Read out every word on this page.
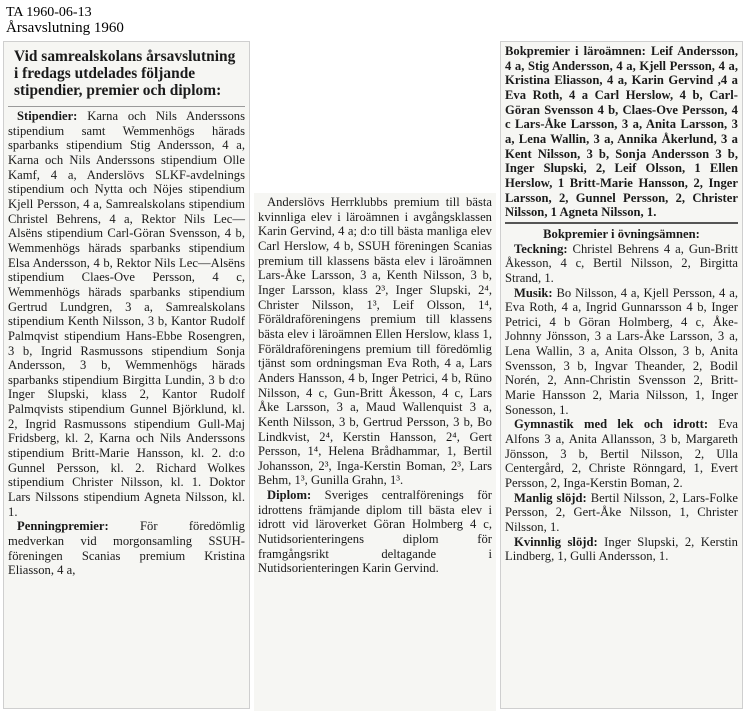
TA 1960-06-13
Årsavslutning 1960
Vid samrealskolans årsavslutning i fredags utdelades följande stipendier, premier och diplom:

Stipendier: Karna och Nils Anderssons stipendium samt Wemmenhögs härads sparbanks stipendium Stig Andersson, 4 a, Karna och Nils Anderssons stipendium Olle Kamf, 4 a, Anderslövs SLKF-avdelnings stipendium och Nytta och Nöjes stipendium Kjell Persson, 4 a, Samrealskolans stipendium Christel Behrens, 4 a, Rektor Nils Lec—Alsëns stipendium Carl-Göran Svensson, 4 b, Wemmenhögs härads sparbanks stipendium Elsa Andersson, 4 b, Rektor Nils Lec—Alsëns stipendium Claes-Ove Persson, 4 c, Wemmenhögs härads sparbanks stipendium Gertrud Lundgren, 3 a, Samrealskolans stipendium Kenth Nilsson, 3 b, Kantor Rudolf Palmqvist stipendium Hans-Ebbe Rosengren, 3 b, Ingrid Rasmussons stipendium Sonja Andersson, 3 b, Wemmenhögs härads sparbanks stipendium Birgitta Lundin, 3 b d:o Inger Slupski, klass 2, Kantor Rudolf Palmqvists stipendium Gunnel Björklund, kl. 2, Ingrid Rasmussons stipendium Gull-Maj Fridsberg, kl. 2, Karna och Nils Anderssons stipendium Britt-Marie Hansson, kl. 2. d:o Gunnel Persson, kl. 2. Richard Wolkes stipendium Christer Nilsson, kl. 1. Doktor Lars Nilssons stipendium Agneta Nilsson, kl. 1.

Penningpremier: För föredömlig medverkan vid morgonsamling SSUH-föreningen Scanias premium Kristina Eliasson, 4 a,

Anderslövs Herrklubbs premium till bästa kvinnliga elev i läroämnen i avgångsklassen Karin Gervind, 4 a; d:o till bästa manliga elev Carl Herslow, 4 b, SSUH föreningen Scanias premium till klassens bästa elev i läroämnen Lars-Åke Larsson, 3 a, Kenth Nilsson, 3 b, Inger Larsson, klass 2³, Inger Slupski, 2⁴, Christer Nilsson, 1³, Leif Olsson, 1⁴, Föräldraföreningens premium till klassens bästa elev i läroämnen Ellen Herslow, klass 1, Föräldraföreningens premium till föredömlig tjänst som ordningsman Eva Roth, 4 a, Lars Anders Hansson, 4 b, Inger Petrici, 4 b, Rüno Nilsson, 4 c, Gun-Britt Åkesson, 4 c, Lars Åke Larsson, 3 a, Maud Wallenquist 3 a, Kenth Nilsson, 3 b, Gertrud Persson, 3 b, Bo Lindkvist, 2⁴, Kerstin Hansson, 2⁴, Gert Persson, 1⁴, Helena Brådhammar, 1, Bertil Johansson, 2³, Inga-Kerstin Boman, 2³, Lars Behm, 1³, Gunilla Grahn, 1³.

Diplom: Sveriges centralförenings för idrottens främjande diplom till bästa elev i idrott vid läroverket Göran Holmberg 4 c, Nutidsorienteringens diplom för framgångsrikt deltagande i Nutidsorienteringen Karin Gervind.

Bokpremier i läroämnen: Leif Andersson, 4 a, Stig Andersson, 4 a, Kjell Persson, 4 a, Kristina Eliasson, 4 a, Karin Gervind ,4 a Eva Roth, 4 a Carl Herslow, 4 b, Carl-Göran Svensson 4 b, Claes-Ove Persson, 4 c Lars-Åke Larsson, 3 a, Anita Larsson, 3 a, Lena Wallin, 3 a, Annika Åkerlund, 3 a Kent Nilsson, 3 b, Sonja Andersson 3 b, Inger Slupski, 2, Leif Olsson, 1 Ellen Herslow, 1 Britt-Marie Hansson, 2, Inger Larsson, 2, Gunnel Persson, 2, Christer Nilsson, 1 Agneta Nilsson, 1.

Bokpremier i övningsämnen:

Teckning: Christel Behrens 4 a, Gun-Britt Åkesson, 4 c, Bertil Nilsson, 2, Birgitta Strand, 1.

Musik: Bo Nilsson, 4 a, Kjell Persson, 4 a, Eva Roth, 4 a, Ingrid Gunnarsson 4 b, Inger Petrici, 4 b Göran Holmberg, 4 c, Åke-Johnny Jönsson, 3 a Lars-Åke Larsson, 3 a, Lena Wallin, 3 a, Anita Olsson, 3 b, Anita Svensson, 3 b, Ingvar Theander, 2, Bodil Norén, 2, Ann-Christin Svensson 2, Britt-Marie Hansson 2, Maria Nilsson, 1, Inger Sonesson, 1.

Gymnastik med lek och idrott: Eva Alfons 3 a, Anita Allansson, 3 b, Margareth Jönsson, 3 b, Bertil Nilsson, 2, Ulla Centergård, 2, Christe Rönngard, 1, Evert Persson, 2, Inga-Kerstin Boman, 2.

Manlig slöjd: Bertil Nilsson, 2, Lars-Folke Persson, 2, Gert-Åke Nilsson, 1, Christer Nilsson, 1.

Kvinnlig slöjd: Inger Slupski, 2, Kerstin Lindberg, 1, Gulli Andersson, 1.
